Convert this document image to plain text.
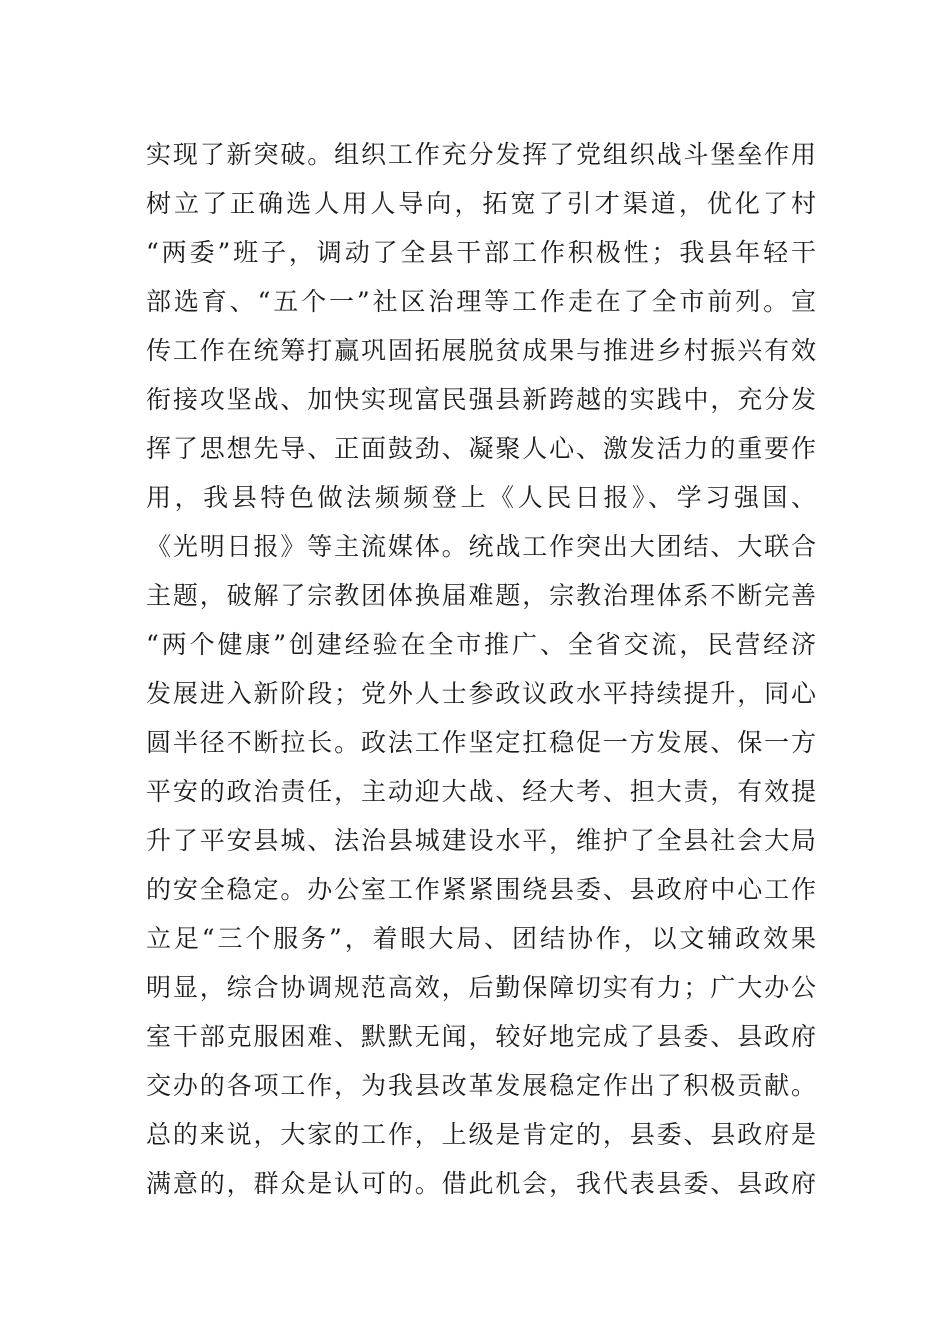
实现了新突破。组织工作充分发挥了党组织战斗堡垒作用
树立了正确选人用人导向，拓宽了引才渠道，优化了村
“两委”班子，调动了全县干部工作积极性；我县年轻干
部选育、“五个一”社区治理等工作走在了全市前列。宣
传工作在统筹打赢巩固拓展脱贫成果与推进乡村振兴有效
衔接攻坚战、加快实现富民强县新跨越的实践中，充分发
挥了思想先导、正面鼓劲、凝聚人心、激发活力的重要作
用，我县特色做法频频登上《人民日报》、学习强国、
《光明日报》等主流媒体。统战工作突出大团结、大联合
主题，破解了宗教团体换届难题，宗教治理体系不断完善
“两个健康”创建经验在全市推广、全省交流，民营经济
发展进入新阶段；党外人士参政议政水平持续提升，同心
圆半径不断拉长。政法工作坚定扛稳促一方发展、保一方
平安的政治责任，主动迎大战、经大考、担大责，有效提
升了平安县城、法治县城建设水平，维护了全县社会大局
的安全稳定。办公室工作紧紧围绕县委、县政府中心工作
立足“三个服务”，着眼大局、团结协作，以文辅政效果
明显，综合协调规范高效，后勤保障切实有力；广大办公
室干部克服困难、默默无闻，较好地完成了县委、县政府
交办的各项工作，为我县改革发展稳定作出了积极贡献。
总的来说，大家的工作，上级是肯定的，县委、县政府是
满意的，群众是认可的。借此机会，我代表县委、县政府
